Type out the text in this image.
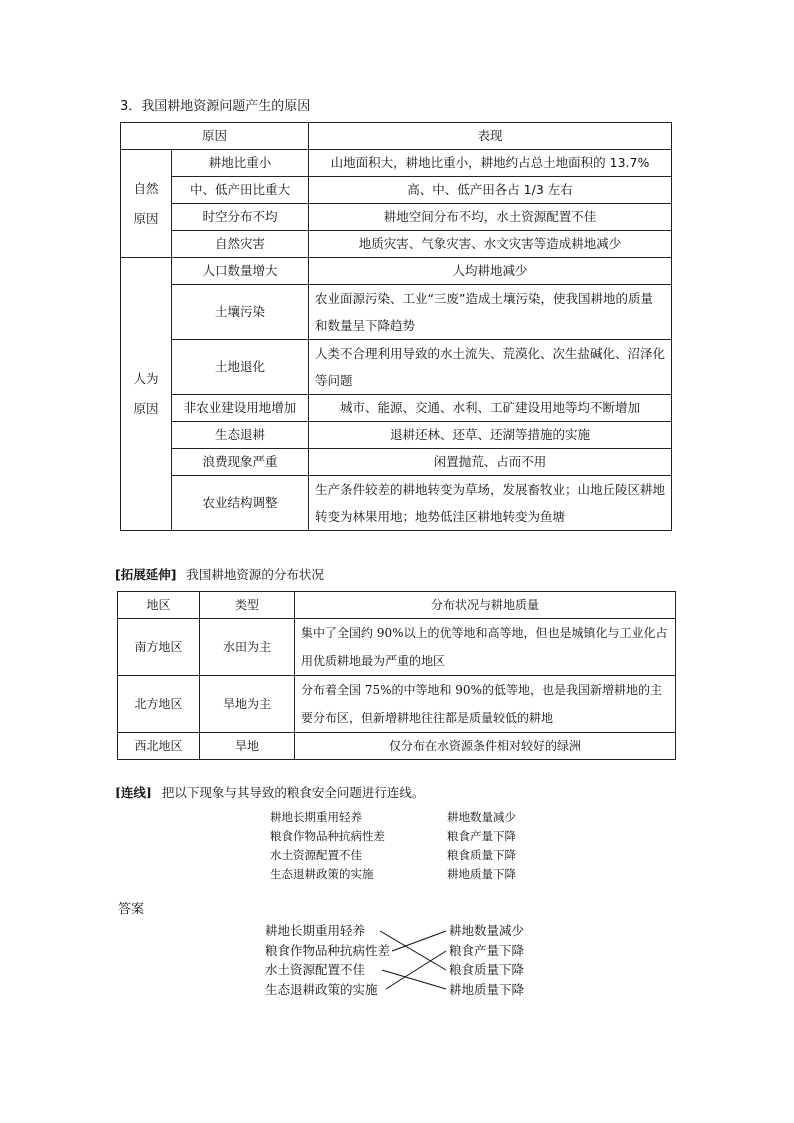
3．我国耕地资源问题产生的原因
原因		表现
自然
原因	耕地比重小	山地面积大，耕地比重小，耕地约占总土地面积的 13.7%
	中、低产田比重大	高、中、低产田各占 1/3 左右
	时空分布不均	耕地空间分布不均，水土资源配置不佳
	自然灾害	地质灾害、气象灾害、水文灾害等造成耕地减少
人为
原因	人口数量增大	人均耕地减少
	土壤污染	农业面源污染、工业“三废”造成土壤污染，使我国耕地的质量和数量呈下降趋势
	土地退化	人类不合理利用导致的水土流失、荒漠化、次生盐碱化、沼泽化等问题
	非农业建设用地增加	城市、能源、交通、水利、工矿建设用地等均不断增加
	生态退耕	退耕还林、还草、还湖等措施的实施
	浪费现象严重	闲置抛荒、占而不用
	农业结构调整	生产条件较差的耕地转变为草场，发展畜牧业；山地丘陵区耕地转变为林果用地；地势低洼区耕地转变为鱼塘
[拓展延伸] 我国耕地资源的分布状况
地区	类型	分布状况与耕地质量
南方地区	水田为主	集中了全国约 90%以上的优等地和高等地，但也是城镇化与工业化占用优质耕地最为严重的地区
北方地区	旱地为主	分布着全国 75%的中等地和 90%的低等地，也是我国新增耕地的主要分布区，但新增耕地往往都是质量较低的耕地
西北地区	旱地	仅分布在水资源条件相对较好的绿洲
[连线] 把以下现象与其导致的粮食安全问题进行连线。
耕地长期重用轻养
粮食作物品种抗病性差
水土资源配置不佳
生态退耕政策的实施
耕地数量减少
粮食产量下降
粮食质量下降
耕地质量下降
答案
耕地长期重用轻养
粮食作物品种抗病性差
水土资源配置不佳
生态退耕政策的实施
耕地数量减少
粮食产量下降
粮食质量下降
耕地质量下降
